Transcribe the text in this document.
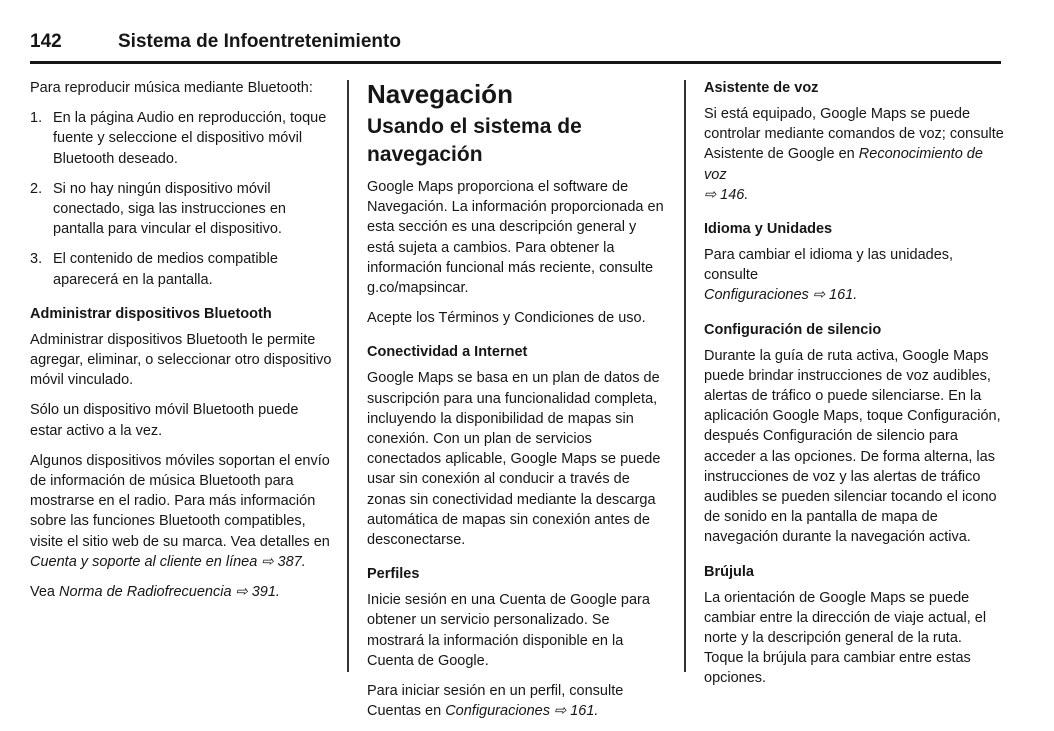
142	Sistema de Infoentretenimiento

Para reproducir música mediante Bluetooth:

1. En la página Audio en reproducción, toque fuente y seleccione el dispositivo móvil Bluetooth deseado.
2. Si no hay ningún dispositivo móvil conectado, siga las instrucciones en pantalla para vincular el dispositivo.
3. El contenido de medios compatible aparecerá en la pantalla.
Administrar dispositivos Bluetooth

Administrar dispositivos Bluetooth le permite agregar, eliminar, o seleccionar otro dispositivo móvil vinculado.

Sólo un dispositivo móvil Bluetooth puede estar activo a la vez.

Algunos dispositivos móviles soportan el envío de información de música Bluetooth para mostrarse en el radio. Para más información sobre las funciones Bluetooth compatibles, visite el sitio web de su marca. Vea detalles en
Cuenta y soporte al cliente en línea ⇨ 387.

Vea Norma de Radiofrecuencia ⇨ 391.

Navegación
Usando el sistema de navegación

Google Maps proporciona el software de Navegación. La información proporcionada en esta sección es una descripción general y está sujeta a cambios. Para obtener la información funcional más reciente, consulte g.co/mapsincar.

Acepte los Términos y Condiciones de uso.

Conectividad a Internet

Google Maps se basa en un plan de datos de suscripción para una funcionalidad completa, incluyendo la disponibilidad de mapas sin conexión. Con un plan de servicios conectados aplicable, Google Maps se puede usar sin conexión al conducir a través de zonas sin conectividad mediante la descarga automática de mapas sin conexión antes de desconectarse.

Perfiles

Inicie sesión en una Cuenta de Google para obtener un servicio personalizado. Se mostrará la información disponible en la Cuenta de Google.

Para iniciar sesión en un perfil, consulte Cuentas en Configuraciones ⇨ 161.

Asistente de voz

Si está equipado, Google Maps se puede controlar mediante comandos de voz; consulte Asistente de Google en Reconocimiento de voz
⇨ 146.

Idioma y Unidades

Para cambiar el idioma y las unidades, consulte
Configuraciones ⇨ 161.

Configuración de silencio

Durante la guía de ruta activa, Google Maps puede brindar instrucciones de voz audibles, alertas de tráfico o puede silenciarse. En la aplicación Google Maps, toque Configuración, después Configuración de silencio para acceder a las opciones. De forma alterna, las instrucciones de voz y las alertas de tráfico audibles se pueden silenciar tocando el icono de sonido en la pantalla de mapa de navegación durante la navegación activa.

Brújula

La orientación de Google Maps se puede cambiar entre la dirección de viaje actual, el norte y la descripción general de la ruta. Toque la brújula para cambiar entre estas opciones.
